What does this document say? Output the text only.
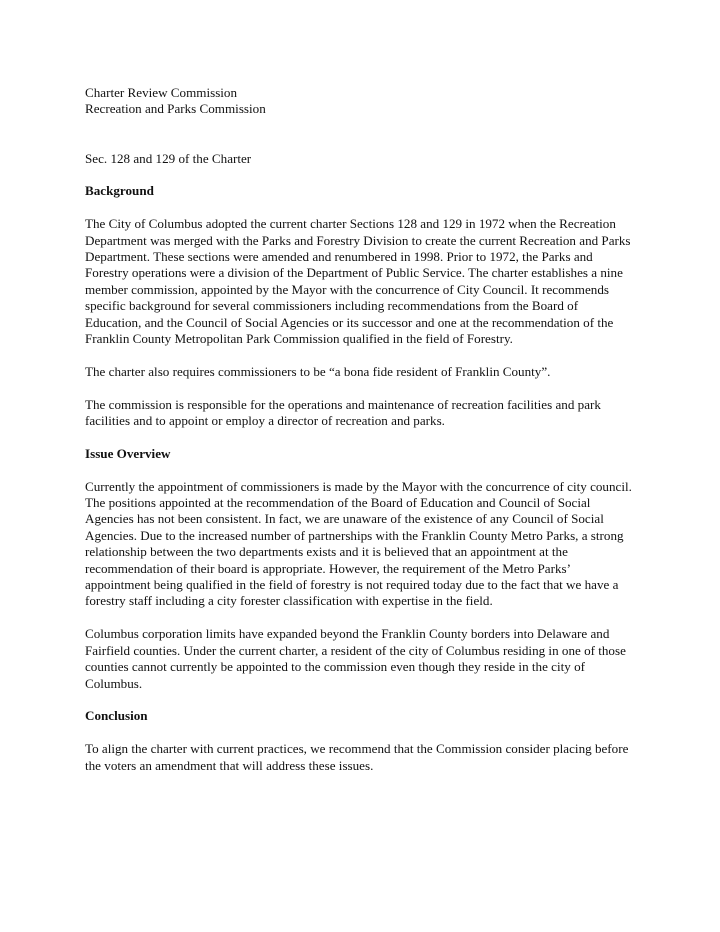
Charter Review Commission

Recreation and Parks Commission

Sec. 128 and 129 of the Charter

Background

The City of Columbus adopted the current charter Sections 128 and 129 in 1972 when the Recreation Department was merged with the Parks and Forestry Division to create the current Recreation and Parks Department. These sections were amended and renumbered in 1998. Prior to 1972, the Parks and Forestry operations were a division of the Department of Public Service. The charter establishes a nine member commission, appointed by the Mayor with the concurrence of City Council. It recommends specific background for several commissioners including recommendations from the Board of Education, and the Council of Social Agencies or its successor and one at the recommendation of the Franklin County Metropolitan Park Commission qualified in the field of Forestry.

The charter also requires commissioners to be “a bona fide resident of Franklin County”.

The commission is responsible for the operations and maintenance of recreation facilities and park facilities and to appoint or employ a director of recreation and parks.

Issue Overview

Currently the appointment of commissioners is made by the Mayor with the concurrence of city council. The positions appointed at the recommendation of the Board of Education and Council of Social Agencies has not been consistent. In fact, we are unaware of the existence of any Council of Social Agencies. Due to the increased number of partnerships with the Franklin County Metro Parks, a strong relationship between the two departments exists and it is believed that an appointment at the recommendation of their board is appropriate. However, the requirement of the Metro Parks’ appointment being qualified in the field of forestry is not required today due to the fact that we have a forestry staff including a city forester classification with expertise in the field.

Columbus corporation limits have expanded beyond the Franklin County borders into Delaware and Fairfield counties. Under the current charter, a resident of the city of Columbus residing in one of those counties cannot currently be appointed to the commission even though they reside in the city of Columbus.

Conclusion

To align the charter with current practices, we recommend that the Commission consider placing before the voters an amendment that will address these issues.
